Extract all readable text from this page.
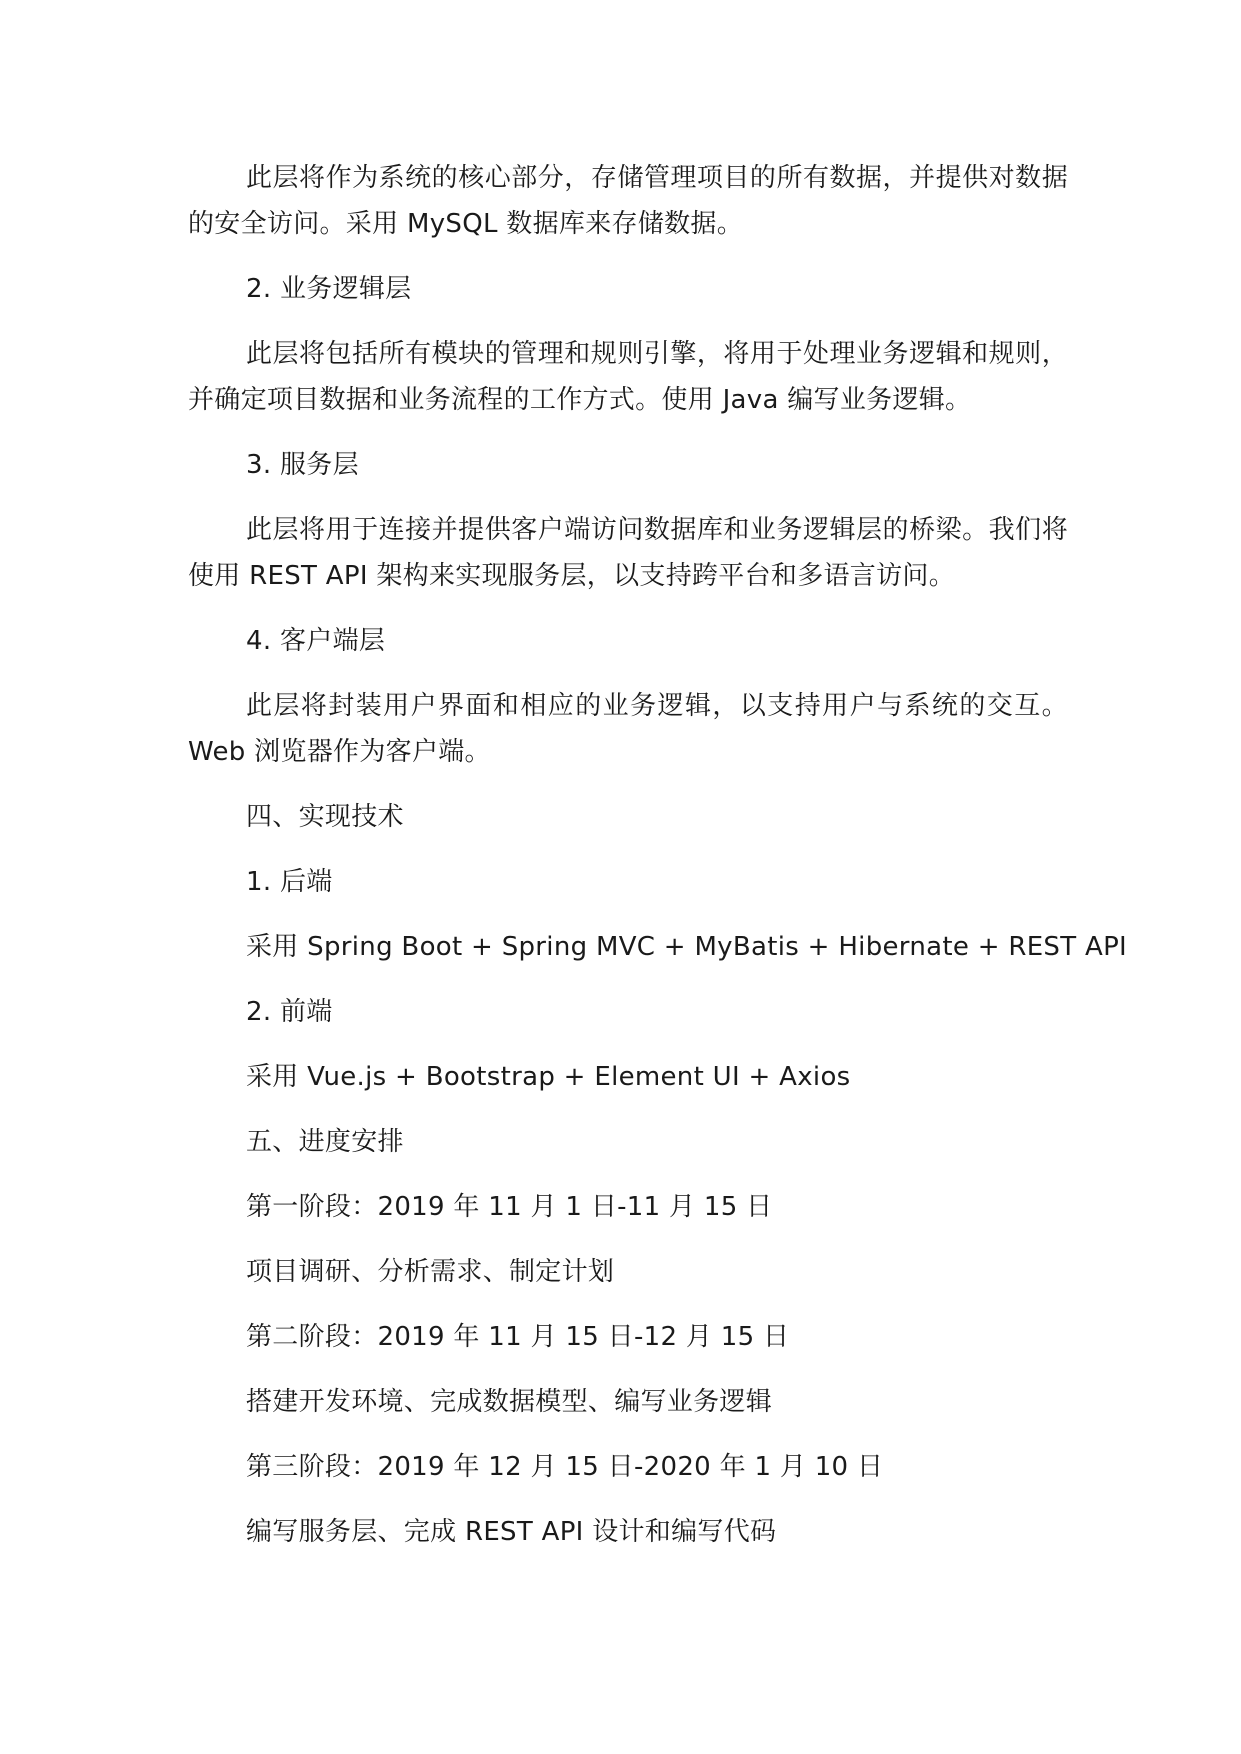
此层将作为系统的核心部分，存储管理项目的所有数据，并提供对数据的安全访问。采用 MySQL 数据库来存储数据。

2. 业务逻辑层

此层将包括所有模块的管理和规则引擎，将用于处理业务逻辑和规则，并确定项目数据和业务流程的工作方式。使用 Java 编写业务逻辑。

3. 服务层

此层将用于连接并提供客户端访问数据库和业务逻辑层的桥梁。我们将使用 REST API 架构来实现服务层，以支持跨平台和多语言访问。

4. 客户端层

此层将封装用户界面和相应的业务逻辑，以支持用户与系统的交互。Web 浏览器作为客户端。

四、实现技术

1. 后端

采用 Spring Boot + Spring MVC + MyBatis + Hibernate + REST API

2. 前端

采用 Vue.js + Bootstrap + Element UI + Axios

五、进度安排

第一阶段：2019 年 11 月 1 日-11 月 15 日

项目调研、分析需求、制定计划

第二阶段：2019 年 11 月 15 日-12 月 15 日

搭建开发环境、完成数据模型、编写业务逻辑

第三阶段：2019 年 12 月 15 日-2020 年 1 月 10 日

编写服务层、完成 REST API 设计和编写代码
